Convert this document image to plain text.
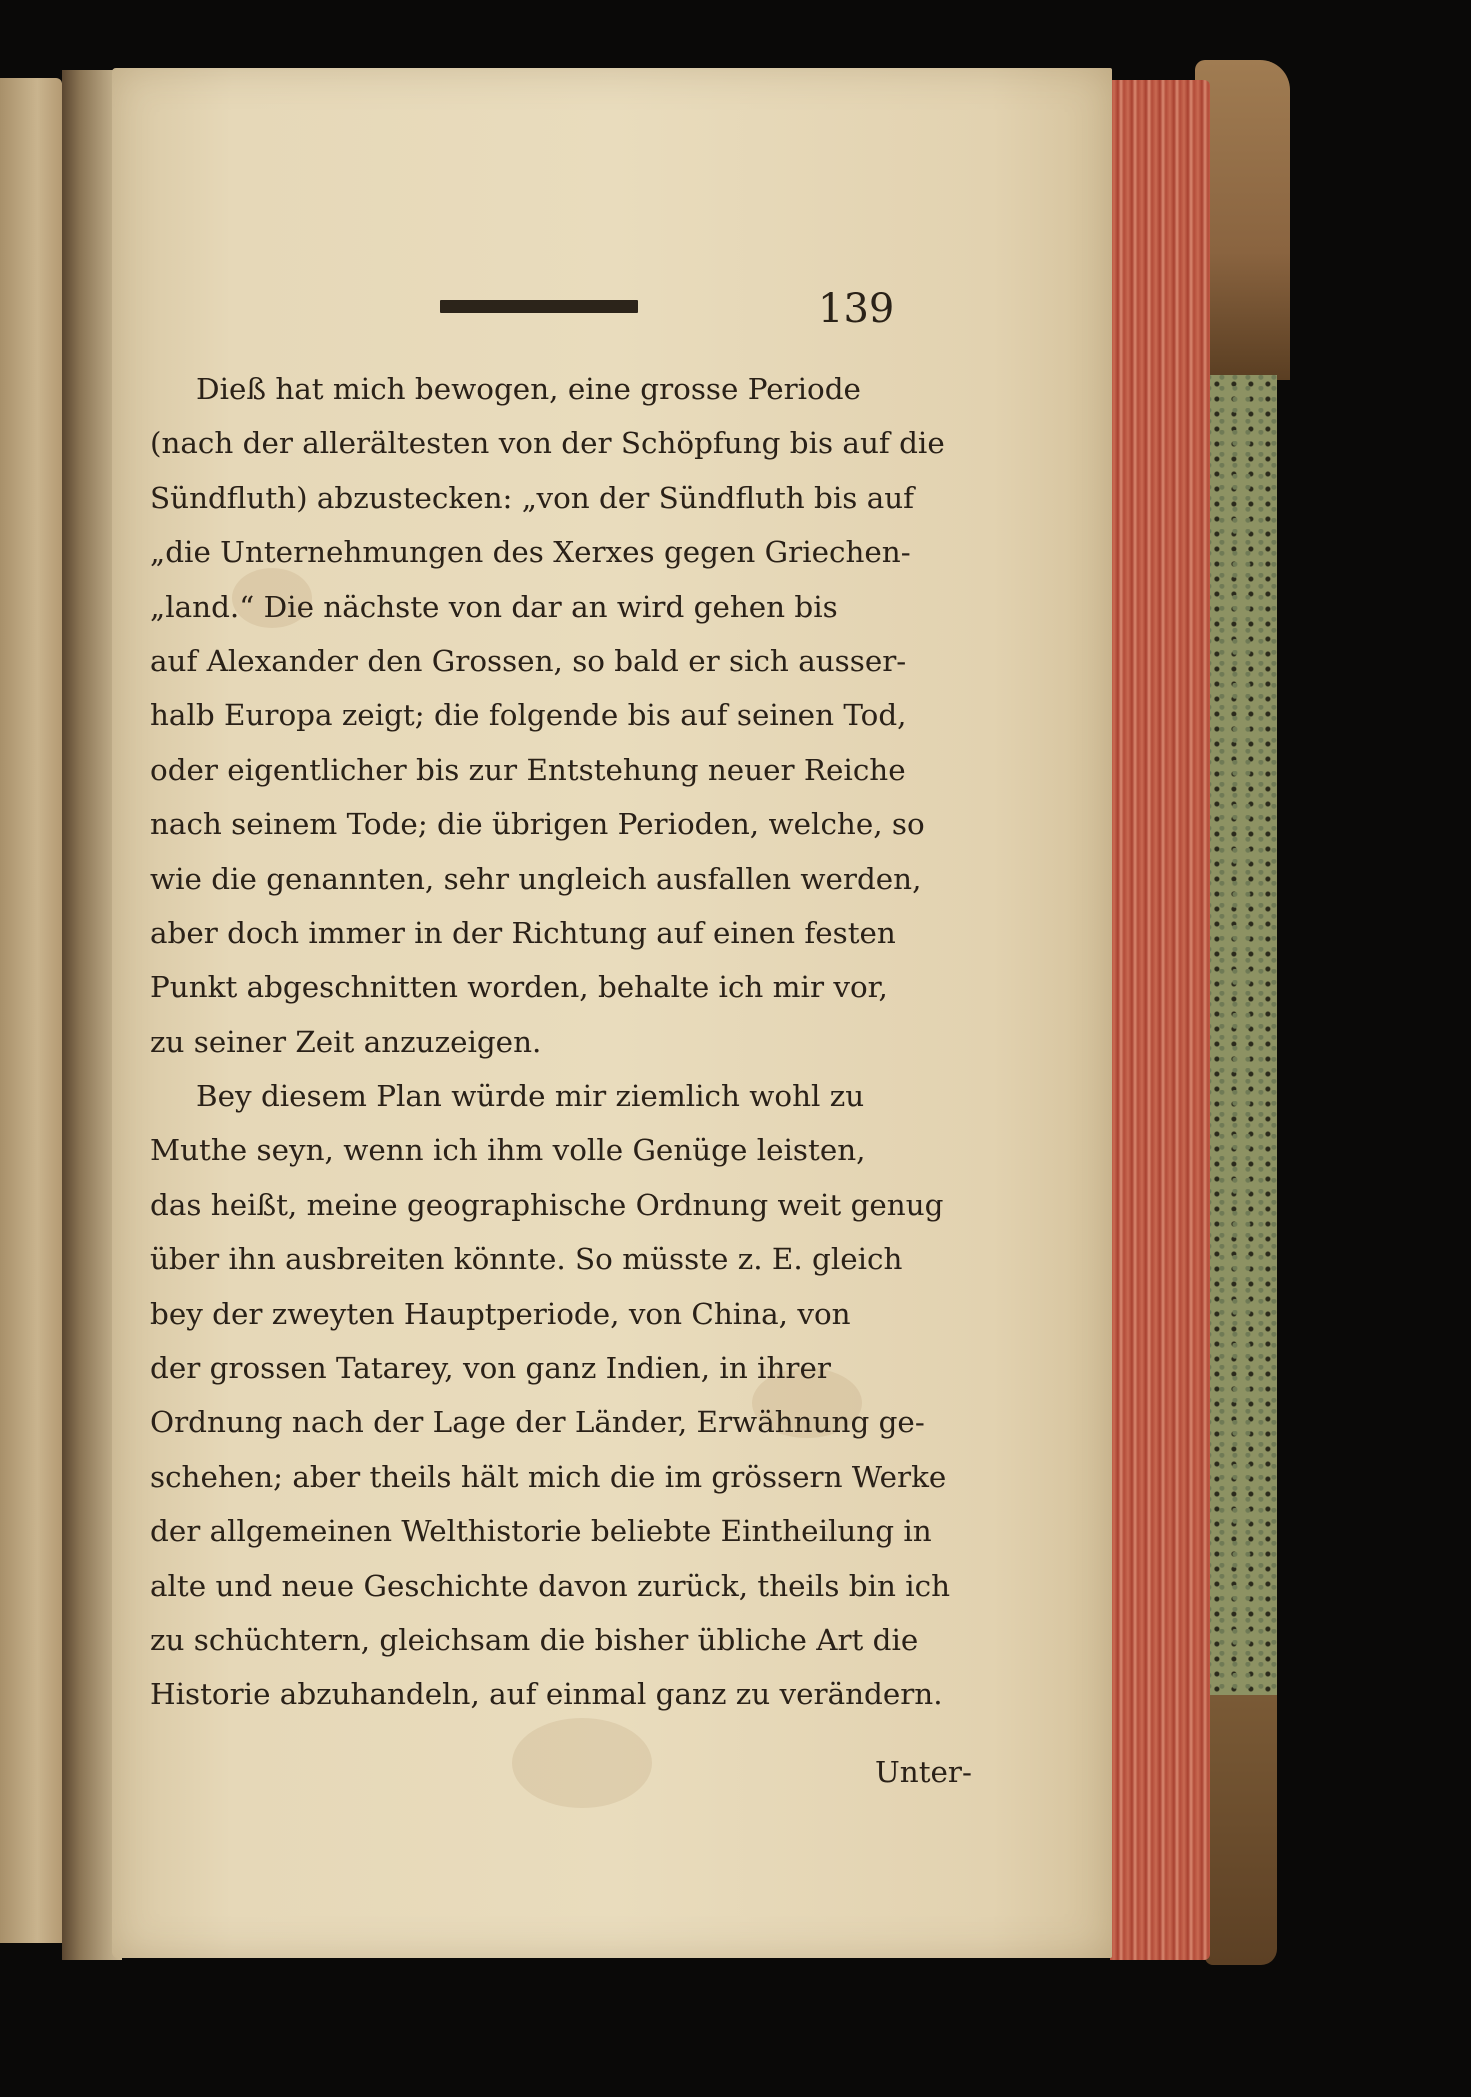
139
Dieß hat mich bewogen, eine grosse Periode
(nach der allerältesten von der Schöpfung bis auf die
Sündfluth) abzustecken: „von der Sündfluth bis auf
„die Unternehmungen des Xerxes gegen Griechen-
„land.“ Die nächste von dar an wird gehen bis
auf Alexander den Grossen, so bald er sich ausser-
halb Europa zeigt; die folgende bis auf seinen Tod,
oder eigentlicher bis zur Entstehung neuer Reiche
nach seinem Tode; die übrigen Perioden, welche, so
wie die genannten, sehr ungleich ausfallen werden,
aber doch immer in der Richtung auf einen festen
Punkt abgeschnitten worden, behalte ich mir vor,
zu seiner Zeit anzuzeigen.
Bey diesem Plan würde mir ziemlich wohl zu
Muthe seyn, wenn ich ihm volle Genüge leisten,
das heißt, meine geographische Ordnung weit genug
über ihn ausbreiten könnte. So müsste z. E. gleich
bey der zweyten Hauptperiode, von China, von
der grossen Tatarey, von ganz Indien, in ihrer
Ordnung nach der Lage der Länder, Erwähnung ge-
schehen; aber theils hält mich die im grössern Werke
der allgemeinen Welthistorie beliebte Eintheilung in
alte und neue Geschichte davon zurück, theils bin ich
zu schüchtern, gleichsam die bisher übliche Art die
Historie abzuhandeln, auf einmal ganz zu verändern.
Unter-
